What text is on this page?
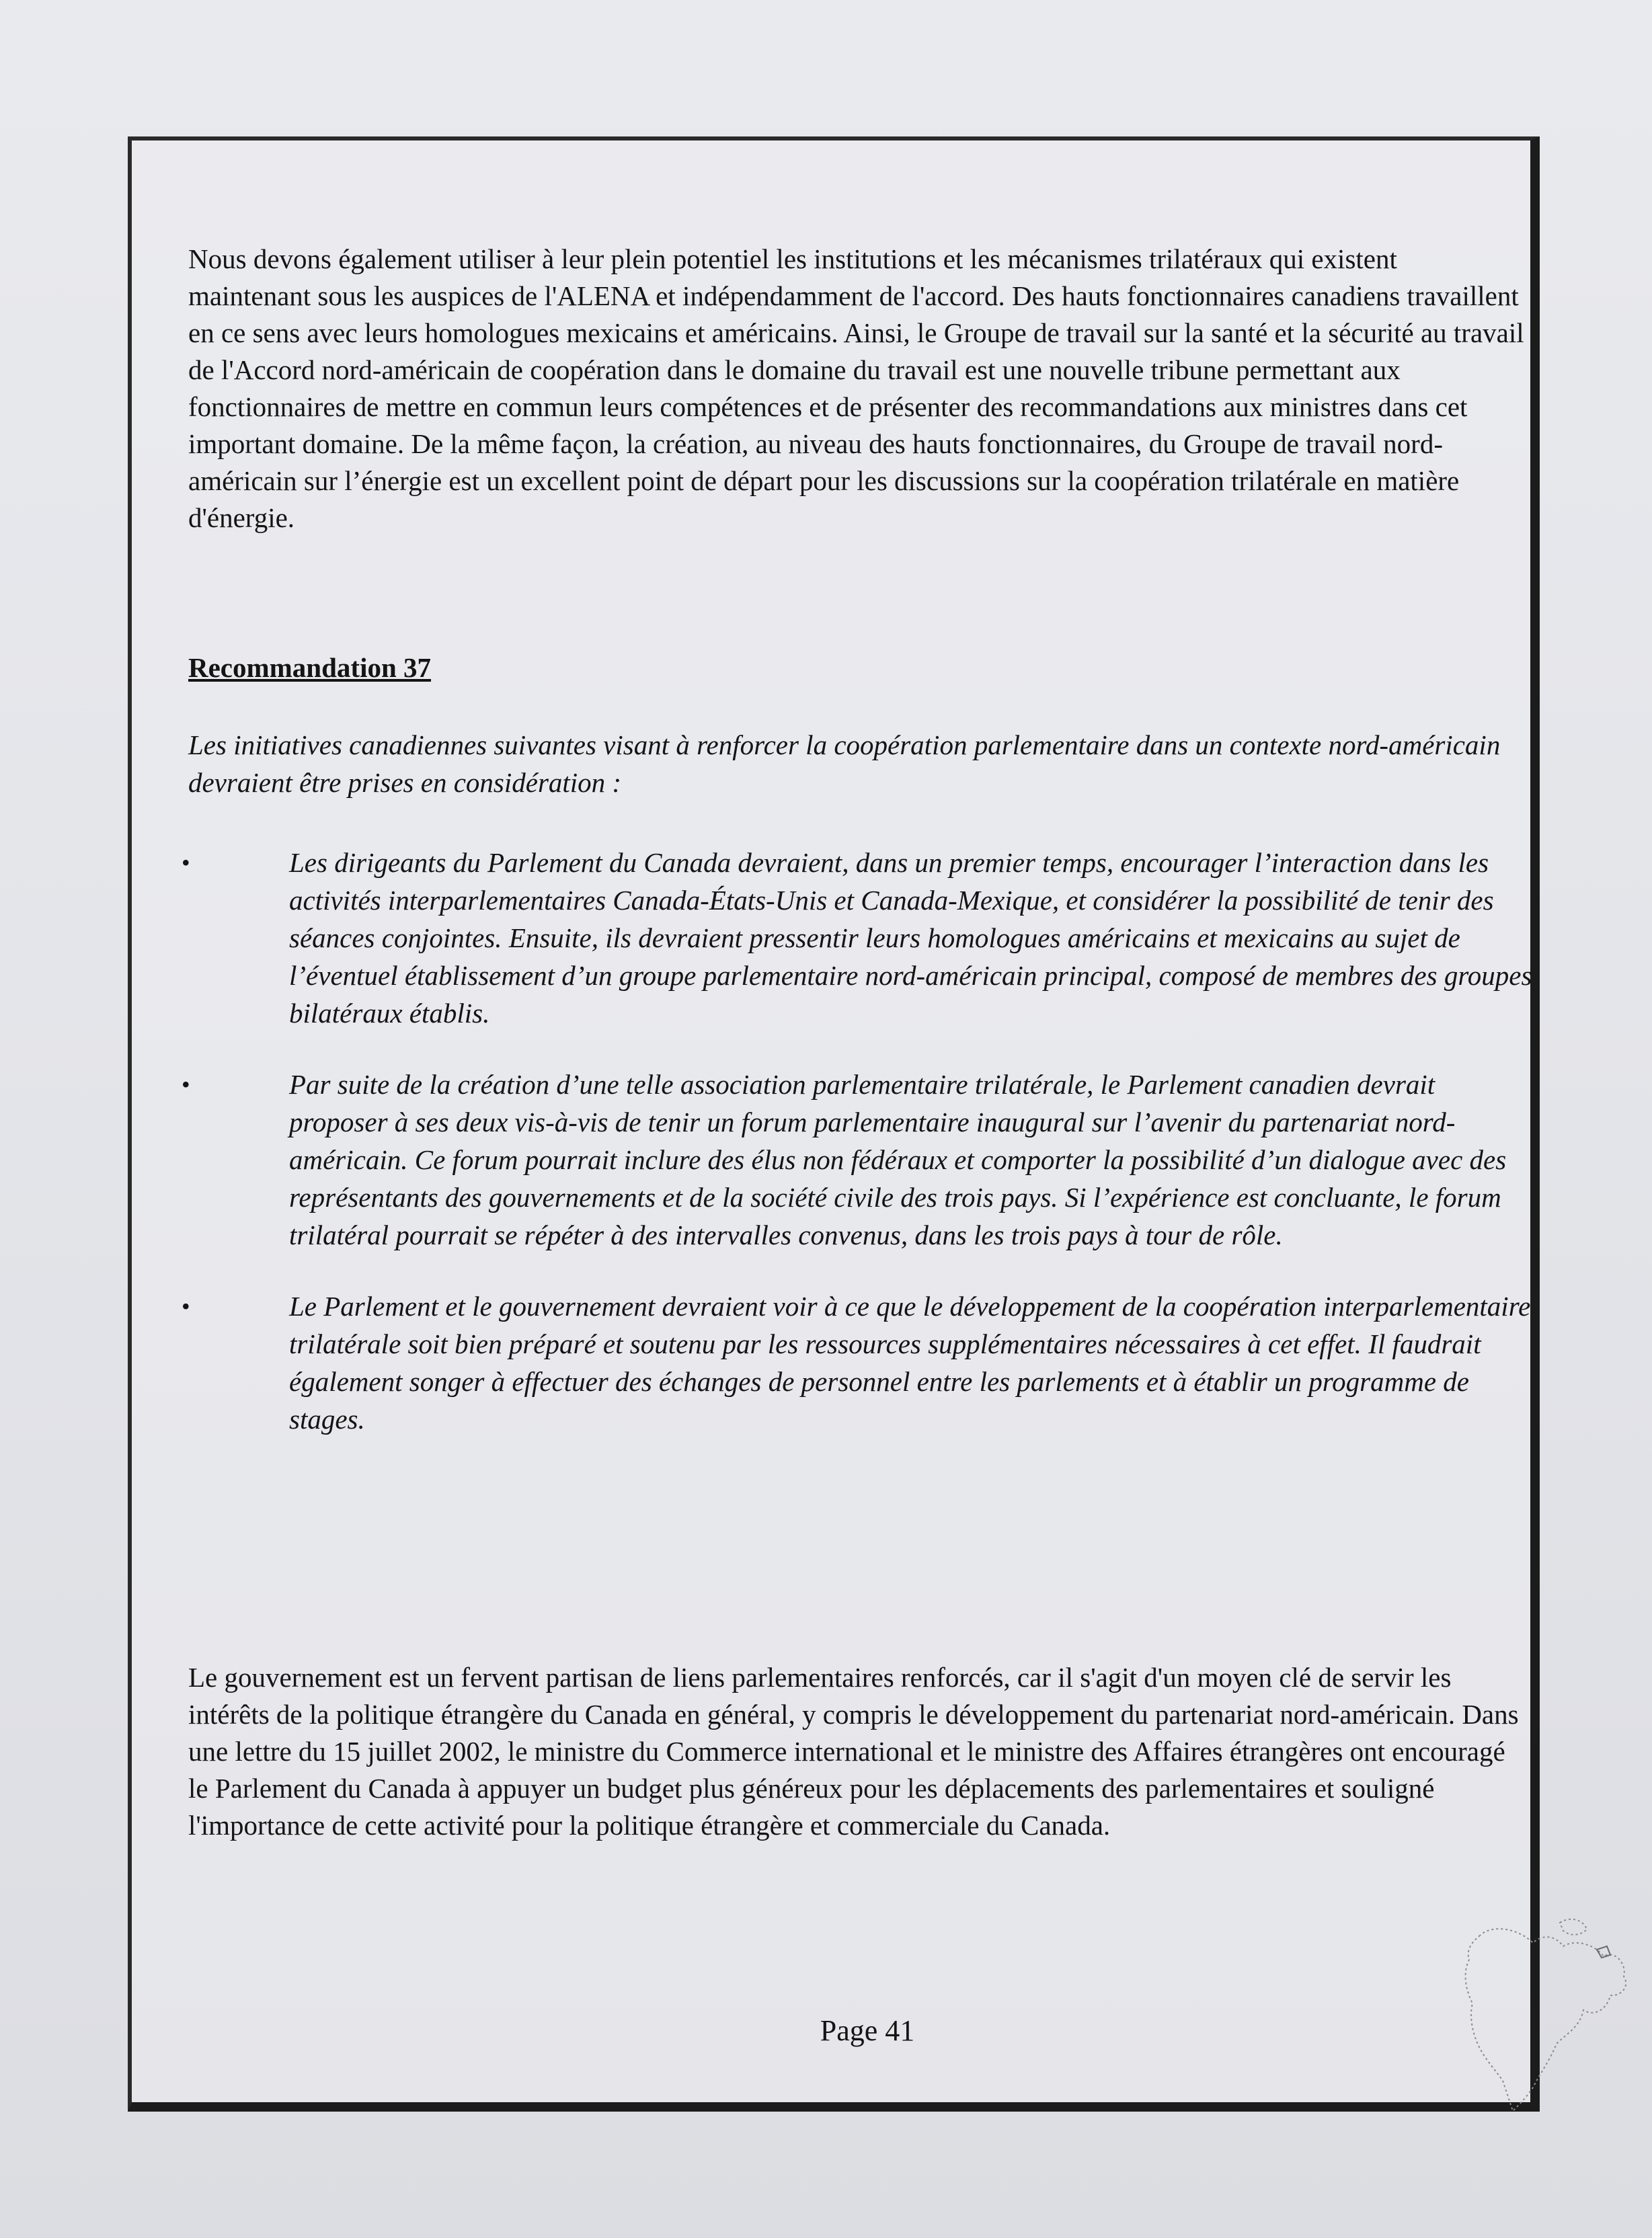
Nous devons également utiliser à leur plein potentiel les institutions et les mécanismes trilatéraux qui existent maintenant sous les auspices de l'ALENA et indépendamment de l'accord. Des hauts fonctionnaires canadiens travaillent en ce sens avec leurs homologues mexicains et américains. Ainsi, le Groupe de travail sur la santé et la sécurité au travail de l'Accord nord-américain de coopération dans le domaine du travail est une nouvelle tribune permettant aux fonctionnaires de mettre en commun leurs compétences et de présenter des recommandations aux ministres dans cet important domaine. De la même façon, la création, au niveau des hauts fonctionnaires, du Groupe de travail nord-américain sur l’énergie est un excellent point de départ pour les discussions sur la coopération trilatérale en matière d'énergie.

Recommandation 37

Les initiatives canadiennes suivantes visant à renforcer la coopération parlementaire dans un contexte nord-américain devraient être prises en considération :

•	Les dirigeants du Parlement du Canada devraient, dans un premier temps, encourager l’interaction dans les activités interparlementaires Canada-États-Unis et Canada-Mexique, et considérer la possibilité de tenir des séances conjointes. Ensuite, ils devraient pressentir leurs homologues américains et mexicains au sujet de l’éventuel établissement d’un groupe parlementaire nord-américain principal, composé de membres des groupes bilatéraux établis.
•	Par suite de la création d’une telle association parlementaire trilatérale, le Parlement canadien devrait proposer à ses deux vis-à-vis de tenir un forum parlementaire inaugural sur l’avenir du partenariat nord-américain. Ce forum pourrait inclure des élus non fédéraux et comporter la possibilité d’un dialogue avec des représentants des gouvernements et de la société civile des trois pays. Si l’expérience est concluante, le forum trilatéral pourrait se répéter à des intervalles convenus, dans les trois pays à tour de rôle.
•	Le Parlement et le gouvernement devraient voir à ce que le développement de la coopération interparlementaire trilatérale soit bien préparé et soutenu par les ressources supplémentaires nécessaires à cet effet. Il faudrait également songer à effectuer des échanges de personnel entre les parlements et à établir un programme de stages.

Le gouvernement est un fervent partisan de liens parlementaires renforcés, car il s'agit d'un moyen clé de servir les intérêts de la politique étrangère du Canada en général, y compris le développement du partenariat nord-américain. Dans une lettre du 15 juillet 2002, le ministre du Commerce international et le ministre des Affaires étrangères ont encouragé le Parlement du Canada à appuyer un budget plus généreux pour les déplacements des parlementaires et souligné l'importance de cette activité pour la politique étrangère et commerciale du Canada.

Page 41
